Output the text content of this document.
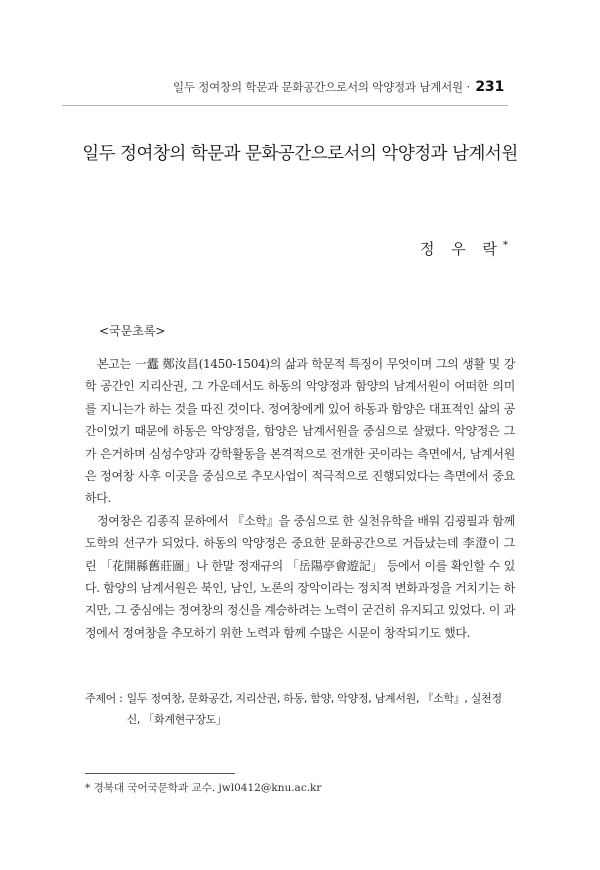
일두 정여창의 학문과 문화공간으로서의 악양정과 남계서원 · 231
일두 정여창의 학문과 문화공간으로서의 악양정과 남계서원
정 우 락*
<국문초록>

본고는 一蠹 鄭汝昌(1450-1504)의 삶과 학문적 특징이 무엇이며 그의 생활 및 강학 공간인 지리산권, 그 가운데서도 하동의 악양정과 함양의 남계서원이 어떠한 의미를 지니는가 하는 것을 따진 것이다. 정여창에게 있어 하동과 함양은 대표적인 삶의 공간이었기 때문에 하동은 악양정을, 함양은 남계서원을 중심으로 살폈다. 악양정은 그가 은거하며 심성수양과 강학활동을 본격적으로 전개한 곳이라는 측면에서, 남계서원은 정여창 사후 이곳을 중심으로 추모사업이 적극적으로 진행되었다는 측면에서 중요하다.

정여창은 김종직 문하에서 『소학』을 중심으로 한 실천유학을 배워 김굉필과 함께 도학의 선구가 되었다. 하동의 악양정은 중요한 문화공간으로 거듭났는데 李澄이 그린 「花開縣舊莊圖」나 한말 정재규의 「岳陽亭會遊記」 등에서 이를 확인할 수 있다. 함양의 남계서원은 북인, 남인, 노론의 장악이라는 정치적 변화과정을 거치기는 하지만, 그 중심에는 정여창의 정신을 계승하려는 노력이 굳건히 유지되고 있었다. 이 과정에서 정여창을 추모하기 위한 노력과 함께 수많은 시문이 창작되기도 했다.

주제어 : 일두 정여창, 문화공간, 지리산권, 하동, 함양, 악양정, 남계서원, 『소학』, 실천정신, 「화계현구장도」
* 경북대 국어국문학과 교수. jwl0412@knu.ac.kr
